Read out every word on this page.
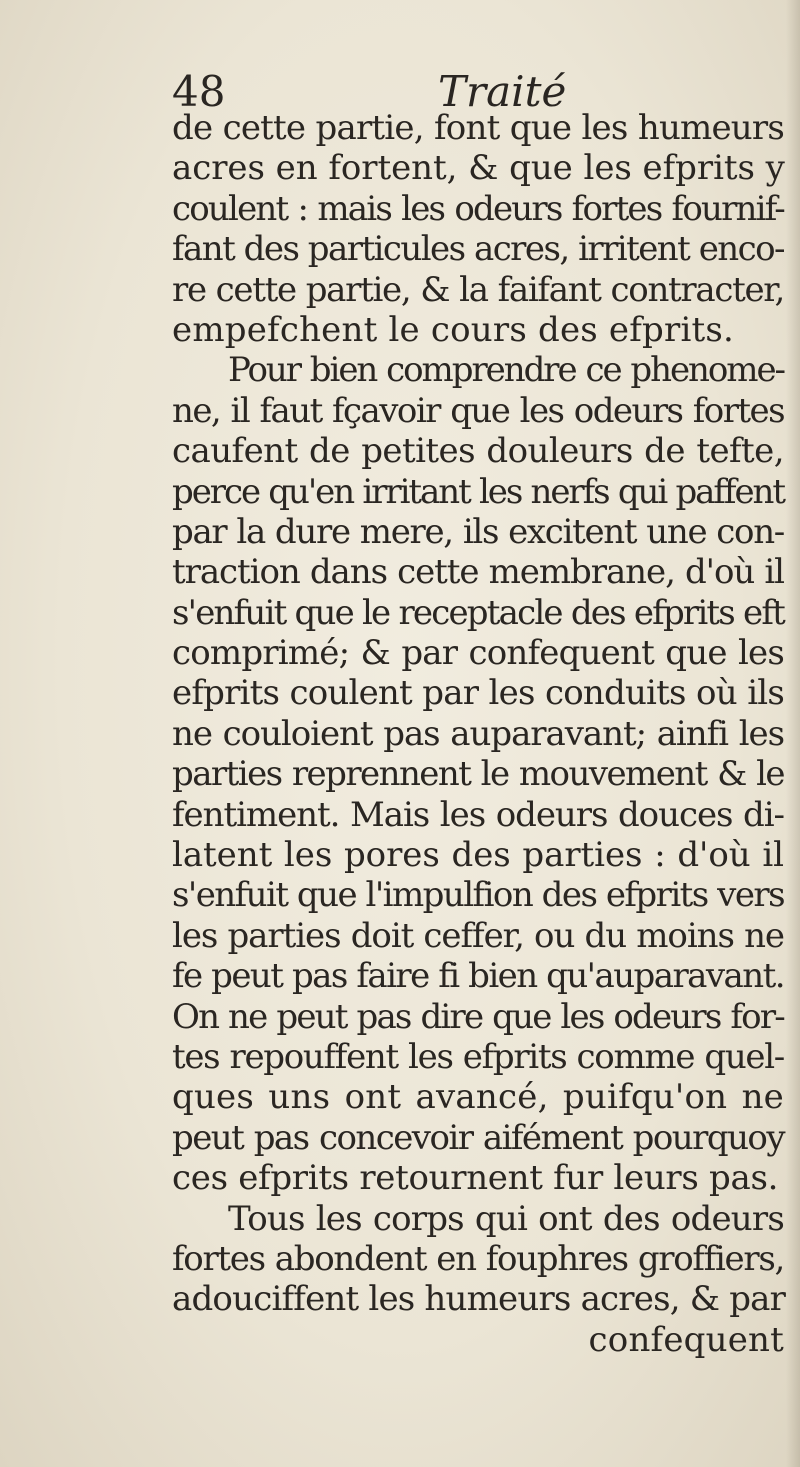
48	Traité
de cette partie, font que les humeurs
acres en fortent, & que les efprits y
coulent : mais les odeurs fortes fournif-
fant des particules acres, irritent enco-
re cette partie, & la faifant contracter,
empefchent le cours des efprits.
Pour bien comprendre ce phenome-
ne, il faut fçavoir que les odeurs fortes
caufent de petites douleurs de tefte,
perce qu'en irritant les nerfs qui paffent
par la dure mere, ils excitent une con-
traction dans cette membrane, d'où il
s'enfuit que le receptacle des efprits eft
comprimé; & par confequent que les
efprits coulent par les conduits où ils
ne couloient pas auparavant; ainfi les
parties reprennent le mouvement & le
fentiment. Mais les odeurs douces di-
latent les pores des parties : d'où il
s'enfuit que l'impulfion des efprits vers
les parties doit ceffer, ou du moins ne
fe peut pas faire fi bien qu'auparavant.
On ne peut pas dire que les odeurs for-
tes repouffent les efprits comme quel-
ques uns ont avancé, puifqu'on ne
peut pas concevoir aifément pourquoy
ces efprits retournent fur leurs pas.
Tous les corps qui ont des odeurs
fortes abondent en fouphres groffiers,
adouciffent les humeurs acres, & par
confequent
